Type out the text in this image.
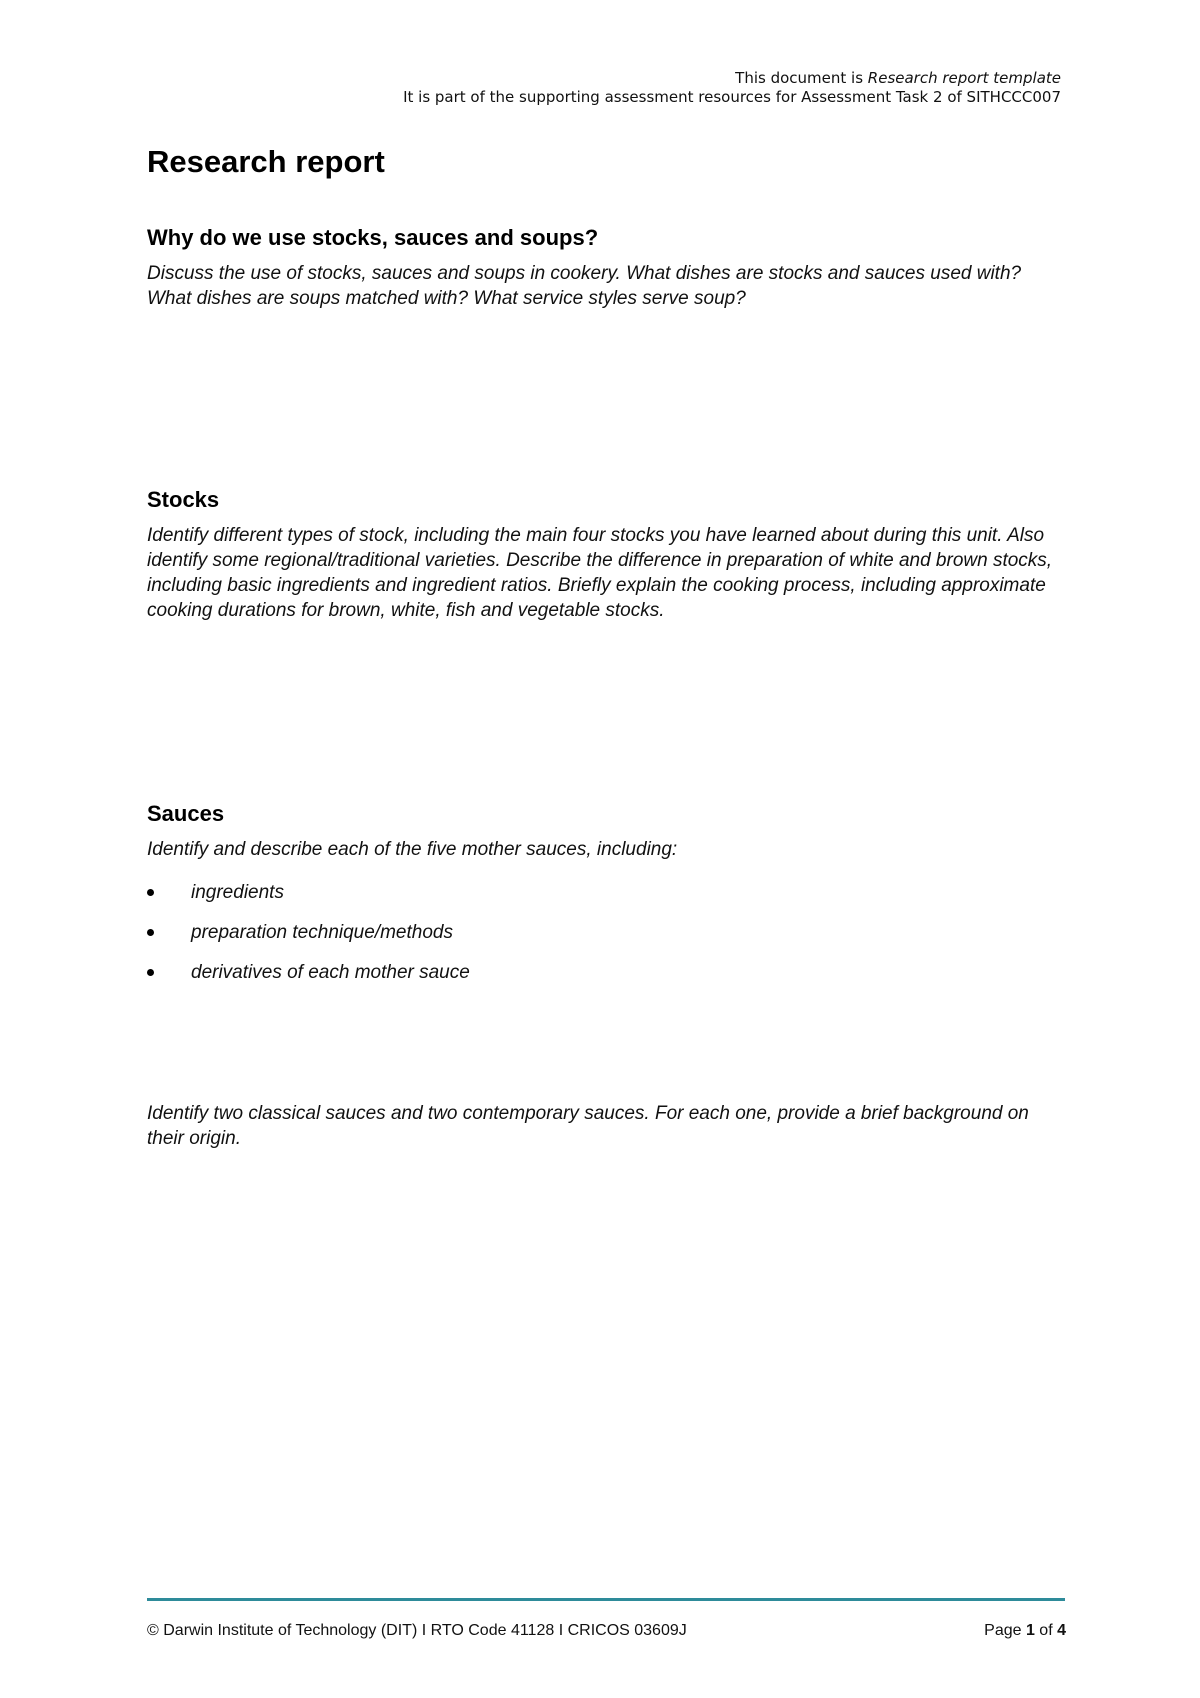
This document is Research report template
It is part of the supporting assessment resources for Assessment Task 2 of SITHCCC007
Research report
Why do we use stocks, sauces and soups?

Discuss the use of stocks, sauces and soups in cookery. What dishes are stocks and sauces used with? What dishes are soups matched with? What service styles serve soup?

Stocks

Identify different types of stock, including the main four stocks you have learned about during this unit. Also identify some regional/traditional varieties. Describe the difference in preparation of white and brown stocks, including basic ingredients and ingredient ratios. Briefly explain the cooking process, including approximate cooking durations for brown, white, fish and vegetable stocks.

Sauces

Identify and describe each of the five mother sauces, including:

ingredients
preparation technique/methods
derivatives of each mother sauce

Identify two classical sauces and two contemporary sauces. For each one, provide a brief background on their origin.

© Darwin Institute of Technology (DIT) I RTO Code 41128 I CRICOS 03609J	Page 1 of 4
